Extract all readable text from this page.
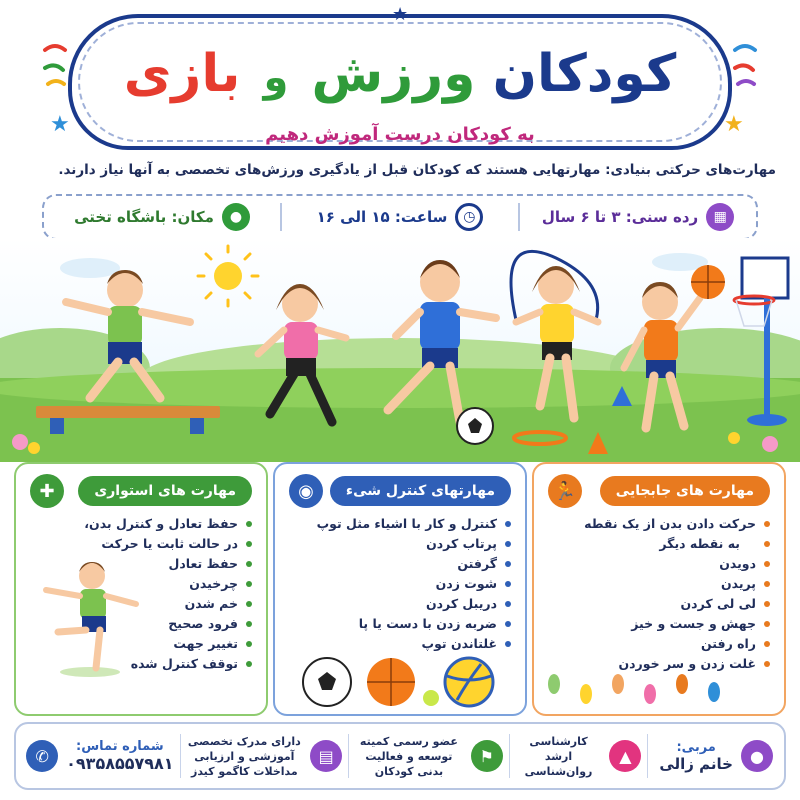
کودکان ورزش و بازی
به کودکان درست آموزش دهیم
★
★	★
مهارت‌های حرکتی بنیادی: مهارتهایی هستند که کودکان قبل از یادگیری ورزش‌های تخصصی به آنها نیاز دارند.
▦
رده سنی: ۳ تا ۶ سال
◷
ساعت: ۱۵ الی ۱۶
●
مکان: باشگاه تختی
✚	مهارت های استواری
حفظ تعادل و کنترل بدن،
در حالت ثابت یا حرکت
حفظ تعادل
چرخیدن
خم شدن
فرود صحیح
تغییر جهت
توقف کنترل شده
◉	مهارتهای کنترل شیء
کنترل و کار با اشیاء مثل توپ
پرتاب کردن
گرفتن
شوت زدن
دریبل کردن
ضربه زدن با دست یا پا
غلتاندن توپ
🏃	مهارت های جابجایی
حرکت دادن بدن از یک نقطه
به نقطه دیگر
دویدن
پریدن
لی لی کردن
جهش و جست و خیز
راه رفتن
غلت زدن و سر خوردن
●
مربی:
خانم زالی
▲
کارشناسی ارشد روان‌شناسی
⚑
عضو رسمی کمیته توسعه و فعالیت بدنی کودکان
▤
دارای مدرک تخصصی آموزشی و ارزیابی مداخلات کاگمو کیدز
شماره تماس:
۰۹۳۵۸۵۵۷۹۸۱
✆
